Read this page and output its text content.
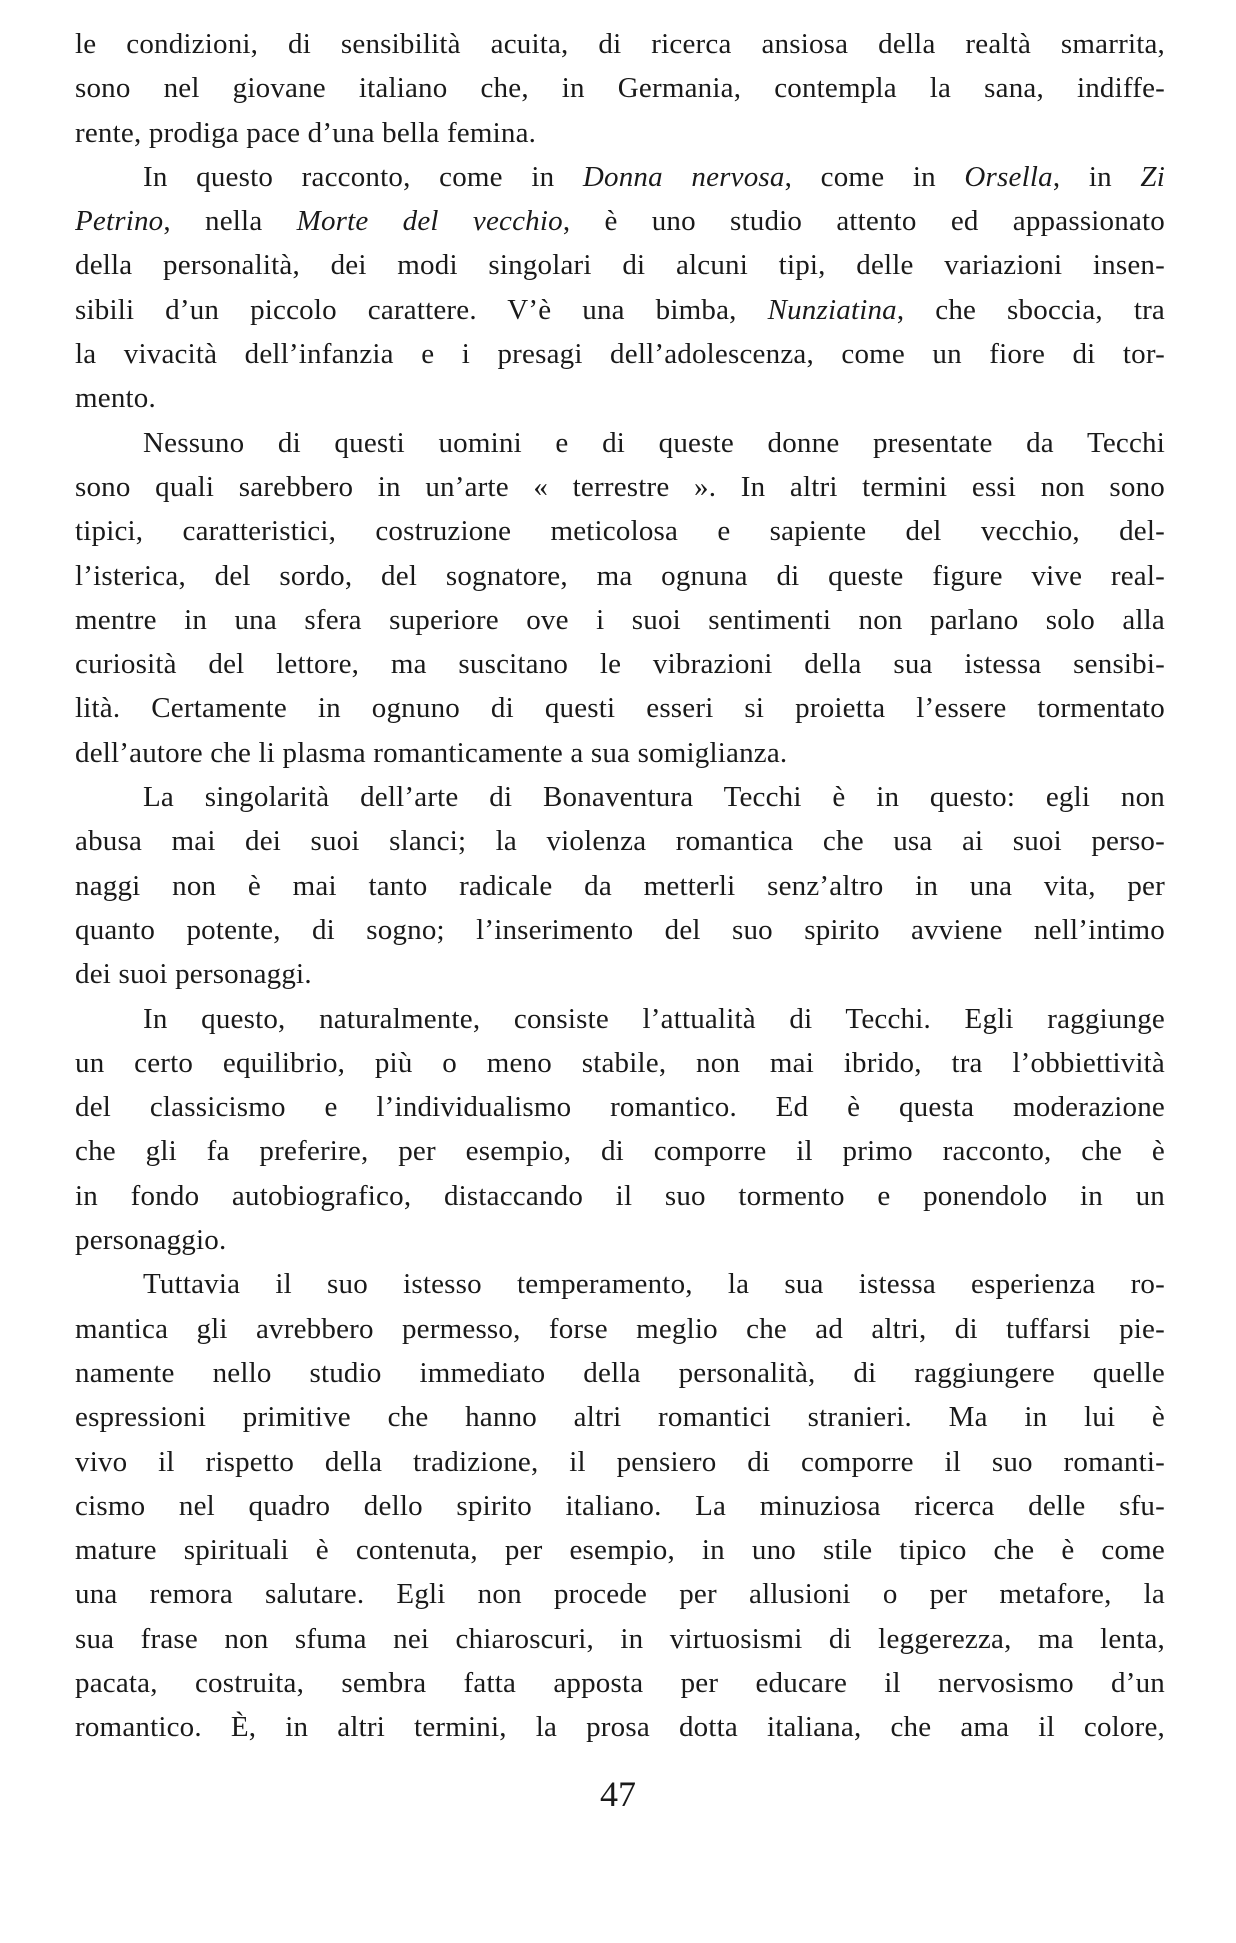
le condizioni, di sensibilità acuita, di ricerca ansiosa della realtà smarrita,
sono nel giovane italiano che, in Germania, contempla la sana, indiffe-
rente, prodiga pace d’una bella femina.
In questo racconto, come in Donna nervosa, come in Orsella, in Zi
Petrino, nella Morte del vecchio, è uno studio attento ed appassionato
della personalità, dei modi singolari di alcuni tipi, delle variazioni insen-
sibili d’un piccolo carattere. V’è una bimba, Nunziatina, che sboccia, tra
la vivacità dell’infanzia e i presagi dell’adolescenza, come un fiore di tor-
mento.
Nessuno di questi uomini e di queste donne presentate da Tecchi
sono quali sarebbero in un’arte « terrestre ». In altri termini essi non sono
tipici, caratteristici, costruzione meticolosa e sapiente del vecchio, del-
l’isterica, del sordo, del sognatore, ma ognuna di queste figure vive real-
mentre in una sfera superiore ove i suoi sentimenti non parlano solo alla
curiosità del lettore, ma suscitano le vibrazioni della sua istessa sensibi-
lità. Certamente in ognuno di questi esseri si proietta l’essere tormentato
dell’autore che li plasma romanticamente a sua somiglianza.
La singolarità dell’arte di Bonaventura Tecchi è in questo: egli non
abusa mai dei suoi slanci; la violenza romantica che usa ai suoi perso-
naggi non è mai tanto radicale da metterli senz’altro in una vita, per
quanto potente, di sogno; l’inserimento del suo spirito avviene nell’intimo
dei suoi personaggi.
In questo, naturalmente, consiste l’attualità di Tecchi. Egli raggiunge
un certo equilibrio, più o meno stabile, non mai ibrido, tra l’obbiettività
del classicismo e l’individualismo romantico. Ed è questa moderazione
che gli fa preferire, per esempio, di comporre il primo racconto, che è
in fondo autobiografico, distaccando il suo tormento e ponendolo in un
personaggio.
Tuttavia il suo istesso temperamento, la sua istessa esperienza ro-
mantica gli avrebbero permesso, forse meglio che ad altri, di tuffarsi pie-
namente nello studio immediato della personalità, di raggiungere quelle
espressioni primitive che hanno altri romantici stranieri. Ma in lui è
vivo il rispetto della tradizione, il pensiero di comporre il suo romanti-
cismo nel quadro dello spirito italiano. La minuziosa ricerca delle sfu-
mature spirituali è contenuta, per esempio, in uno stile tipico che è come
una remora salutare. Egli non procede per allusioni o per metafore, la
sua frase non sfuma nei chiaroscuri, in virtuosismi di leggerezza, ma lenta,
pacata, costruita, sembra fatta apposta per educare il nervosismo d’un
romantico. È, in altri termini, la prosa dotta italiana, che ama il colore,
47
